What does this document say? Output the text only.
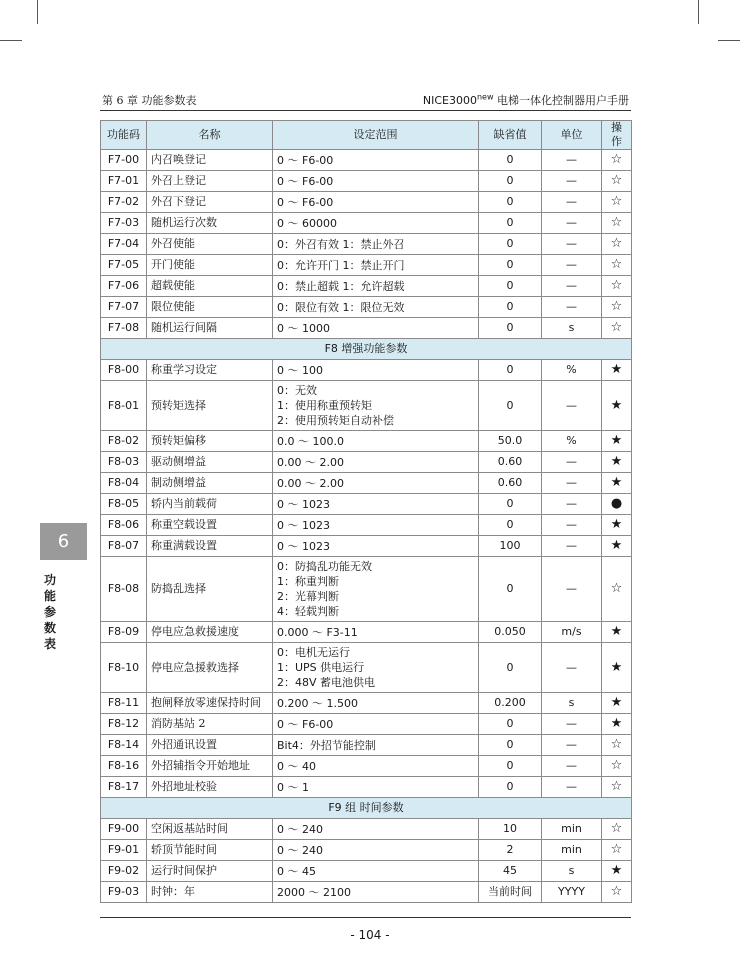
第 6 章 功能参数表	$NICE3000^{new}$ 电梯一体化控制器用户手册
功能码	名称	设定范围	缺省值	单位	操作
F7-00	内召唤登记	0 ～ F6-00	0	—	☆
F7-01	外召上登记	0 ～ F6-00	0	—	☆
F7-02	外召下登记	0 ～ F6-00	0	—	☆
F7-03	随机运行次数	0 ～ 60000	0	—	☆
F7-04	外召使能	0：外召有效 1：禁止外召	0	—	☆
F7-05	开门使能	0：允许开门 1：禁止开门	0	—	☆
F7-06	超载使能	0：禁止超载 1：允许超载	0	—	☆
F7-07	限位使能	0：限位有效 1：限位无效	0	—	☆
F7-08	随机运行间隔	0 ～ 1000	0	s	☆
F8 增强功能参数					
F8-00	称重学习设定	0 ～ 100	0	%	★
F8-01	预转矩选择	0：无效
1：使用称重预转矩
2：使用预转矩自动补偿	0	—	★
F8-02	预转矩偏移	0.0 ～ 100.0	50.0	%	★
F8-03	驱动侧增益	0.00 ～ 2.00	0.60	—	★
F8-04	制动侧增益	0.00 ～ 2.00	0.60	—	★
F8-05	轿内当前载荷	0 ～ 1023	0	—	●
F8-06	称重空载设置	0 ～ 1023	0	—	★
F8-07	称重满载设置	0 ～ 1023	100	—	★
F8-08	防捣乱选择	0：防捣乱功能无效
1：称重判断
2：光幕判断
4：轻载判断	0	—	☆
F8-09	停电应急救援速度	0.000 ～ F3-11	0.050	m/s	★
F8-10	停电应急援救选择	0：电机无运行
1：UPS 供电运行
2：48V 蓄电池供电	0	—	★
F8-11	抱闸释放零速保持时间	0.200 ～ 1.500	0.200	s	★
F8-12	消防基站 2	0 ～ F6-00	0	—	★
F8-14	外招通讯设置	Bit4：外招节能控制	0	—	☆
F8-16	外招辅指令开始地址	0 ～ 40	0	—	☆
F8-17	外招地址校验	0 ～ 1	0	—	☆
F9 组 时间参数					
F9-00	空闲返基站时间	0 ～ 240	10	min	☆
F9-01	轿顶节能时间	0 ～ 240	2	min	☆
F9-02	运行时间保护	0 ～ 45	45	s	★
F9-03	时钟：年	2000 ～ 2100	当前时间	YYYY	☆
6
功
能
参
数
表
- 104 -
